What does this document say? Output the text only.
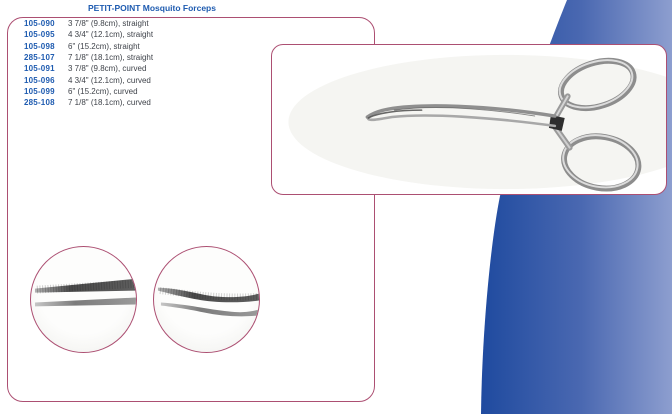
PETIT-POINT Mosquito Forceps
105-090	3 7/8" (9.8cm), straight
105-095	4 3/4" (12.1cm), straight
105-098	6" (15.2cm), straight
285-107	7 1/8" (18.1cm), straight
105-091	3 7/8" (9.8cm), curved
105-096	4 3/4" (12.1cm), curved
105-099	6" (15.2cm), curved
285-108	7 1/8" (18.1cm), curved
